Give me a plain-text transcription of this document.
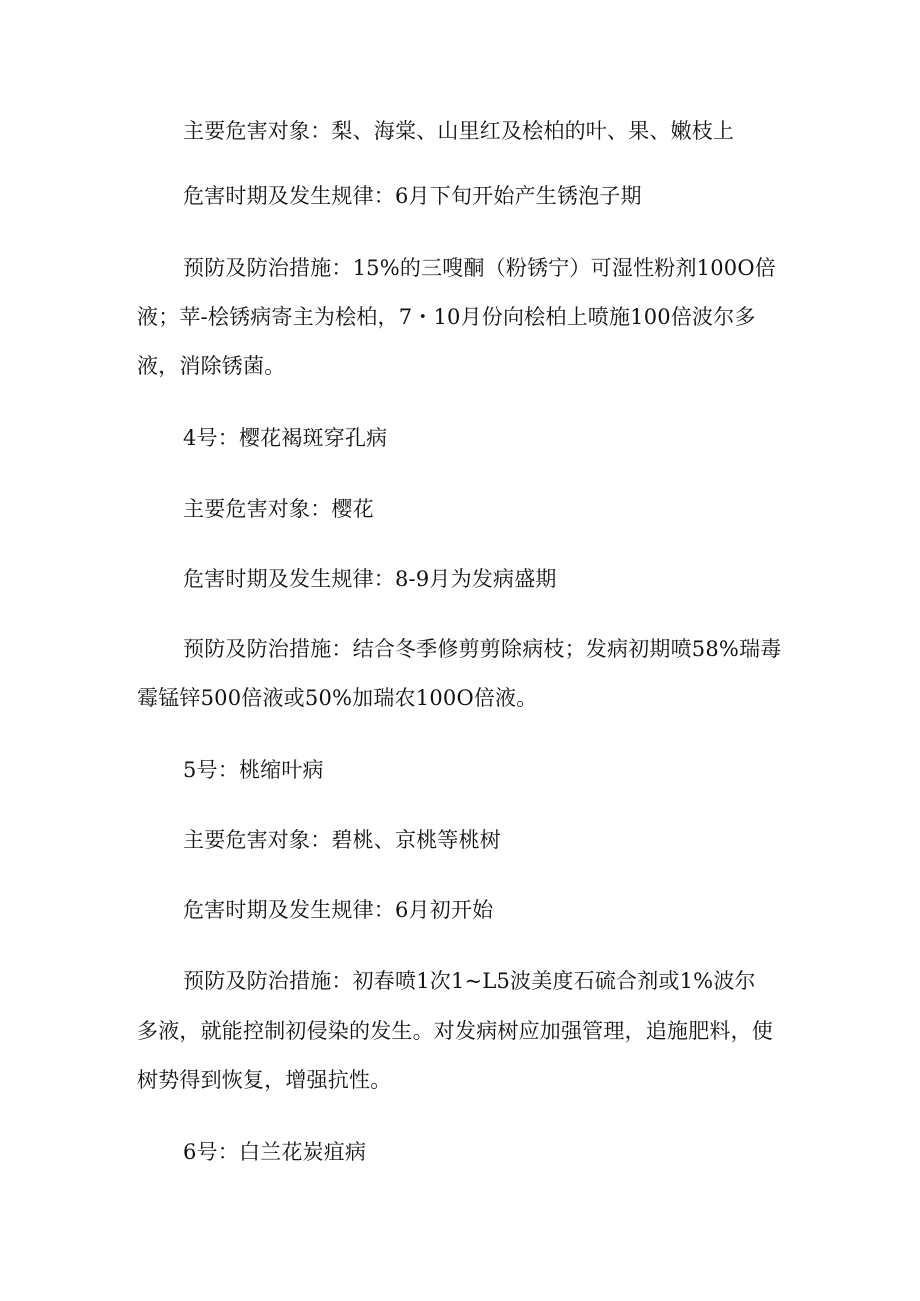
主要危害对象：梨、海棠、山里红及桧柏的叶、果、嫩枝上

危害时期及发生规律：6月下旬开始产生锈泡子期

预防及防治措施：15%的三嗖酮（粉锈宁）可湿性粉剂100O倍

液；苹-桧锈病寄主为桧柏，7・10月份向桧柏上喷施100倍波尔多

液，消除锈菌。

4号：樱花褐斑穿孔病

主要危害对象：樱花

危害时期及发生规律：8-9月为发病盛期

预防及防治措施：结合冬季修剪剪除病枝；发病初期喷58%瑞毒

霉锰锌500倍液或50%加瑞农100O倍液。

5号：桃缩叶病

主要危害对象：碧桃、京桃等桃树

危害时期及发生规律：6月初开始

预防及防治措施：初春喷1次1~L5波美度石硫合剂或1%波尔

多液，就能控制初侵染的发生。对发病树应加强管理，追施肥料，使

树势得到恢复，增强抗性。

6号：白兰花炭疽病
